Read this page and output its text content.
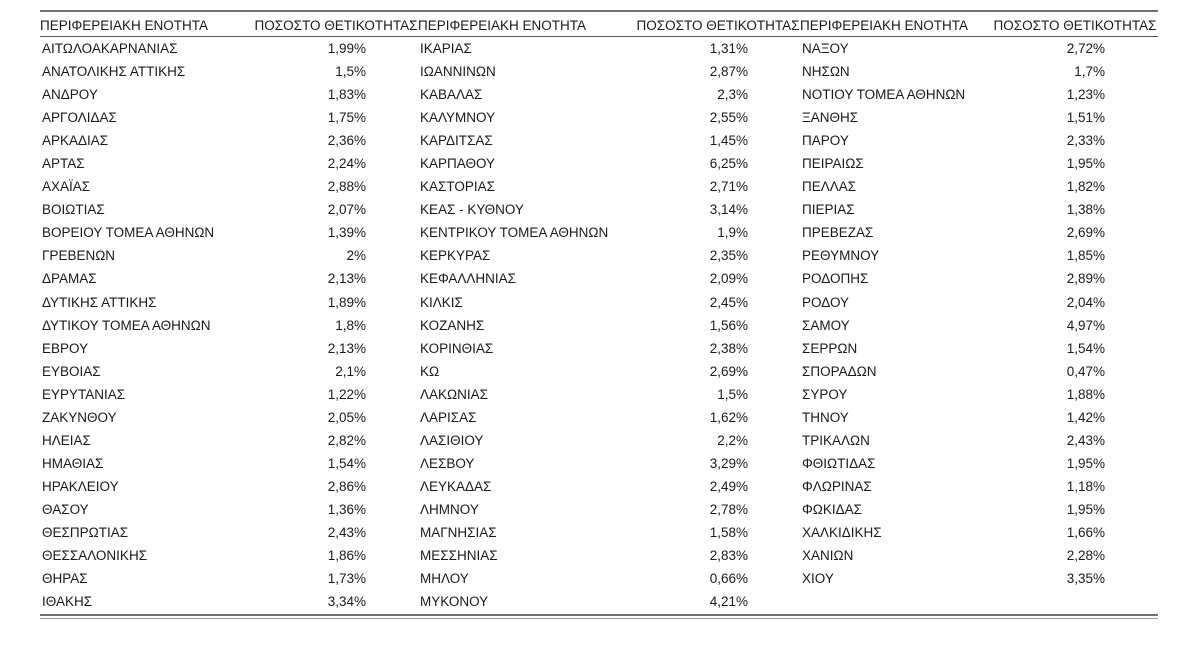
ΠΕΡΙΦΕΡΕΙΑΚΗ ΕΝΟΤΗΤΑ	ΠΟΣΟΣΤΟ ΘΕΤΙΚΟΤΗΤΑΣ	ΠΕΡΙΦΕΡΕΙΑΚΗ ΕΝΟΤΗΤΑ	ΠΟΣΟΣΤΟ ΘΕΤΙΚΟΤΗΤΑΣ	ΠΕΡΙΦΕΡΕΙΑΚΗ ΕΝΟΤΗΤΑ	ΠΟΣΟΣΤΟ ΘΕΤΙΚΟΤΗΤΑΣ
ΑΙΤΩΛΟΑΚΑΡΝΑΝΙΑΣ	1,99%	ΙΚΑΡΙΑΣ	1,31%	ΝΑΞΟΥ	2,72%
ΑΝΑΤΟΛΙΚΗΣ ΑΤΤΙΚΗΣ	1,5%	ΙΩΑΝΝΙΝΩΝ	2,87%	ΝΗΣΩΝ	1,7%
ΑΝΔΡΟΥ	1,83%	ΚΑΒΑΛΑΣ	2,3%	ΝΟΤΙΟΥ ΤΟΜΕΑ ΑΘΗΝΩΝ	1,23%
ΑΡΓΟΛΙΔΑΣ	1,75%	ΚΑΛΥΜΝΟΥ	2,55%	ΞΑΝΘΗΣ	1,51%
ΑΡΚΑΔΙΑΣ	2,36%	ΚΑΡΔΙΤΣΑΣ	1,45%	ΠΑΡΟΥ	2,33%
ΑΡΤΑΣ	2,24%	ΚΑΡΠΑΘΟΥ	6,25%	ΠΕΙΡΑΙΩΣ	1,95%
ΑΧΑΪΑΣ	2,88%	ΚΑΣΤΟΡΙΑΣ	2,71%	ΠΕΛΛΑΣ	1,82%
ΒΟΙΩΤΙΑΣ	2,07%	ΚΕΑΣ - ΚΥΘΝΟΥ	3,14%	ΠΙΕΡΙΑΣ	1,38%
ΒΟΡΕΙΟΥ ΤΟΜΕΑ ΑΘΗΝΩΝ	1,39%	ΚΕΝΤΡΙΚΟΥ ΤΟΜΕΑ ΑΘΗΝΩΝ	1,9%	ΠΡΕΒΕΖΑΣ	2,69%
ΓΡΕΒΕΝΩΝ	2%	ΚΕΡΚΥΡΑΣ	2,35%	ΡΕΘΥΜΝΟΥ	1,85%
ΔΡΑΜΑΣ	2,13%	ΚΕΦΑΛΛΗΝΙΑΣ	2,09%	ΡΟΔΟΠΗΣ	2,89%
ΔΥΤΙΚΗΣ ΑΤΤΙΚΗΣ	1,89%	ΚΙΛΚΙΣ	2,45%	ΡΟΔΟΥ	2,04%
ΔΥΤΙΚΟΥ ΤΟΜΕΑ ΑΘΗΝΩΝ	1,8%	ΚΟΖΑΝΗΣ	1,56%	ΣΑΜΟΥ	4,97%
ΕΒΡΟΥ	2,13%	ΚΟΡΙΝΘΙΑΣ	2,38%	ΣΕΡΡΩΝ	1,54%
ΕΥΒΟΙΑΣ	2,1%	ΚΩ	2,69%	ΣΠΟΡΑΔΩΝ	0,47%
ΕΥΡΥΤΑΝΙΑΣ	1,22%	ΛΑΚΩΝΙΑΣ	1,5%	ΣΥΡΟΥ	1,88%
ΖΑΚΥΝΘΟΥ	2,05%	ΛΑΡΙΣΑΣ	1,62%	ΤΗΝΟΥ	1,42%
ΗΛΕΙΑΣ	2,82%	ΛΑΣΙΘΙΟΥ	2,2%	ΤΡΙΚΑΛΩΝ	2,43%
ΗΜΑΘΙΑΣ	1,54%	ΛΕΣΒΟΥ	3,29%	ΦΘΙΩΤΙΔΑΣ	1,95%
ΗΡΑΚΛΕΙΟΥ	2,86%	ΛΕΥΚΑΔΑΣ	2,49%	ΦΛΩΡΙΝΑΣ	1,18%
ΘΑΣΟΥ	1,36%	ΛΗΜΝΟΥ	2,78%	ΦΩΚΙΔΑΣ	1,95%
ΘΕΣΠΡΩΤΙΑΣ	2,43%	ΜΑΓΝΗΣΙΑΣ	1,58%	ΧΑΛΚΙΔΙΚΗΣ	1,66%
ΘΕΣΣΑΛΟΝΙΚΗΣ	1,86%	ΜΕΣΣΗΝΙΑΣ	2,83%	ΧΑΝΙΩΝ	2,28%
ΘΗΡΑΣ	1,73%	ΜΗΛΟΥ	0,66%	ΧΙΟΥ	3,35%
ΙΘΑΚΗΣ	3,34%	ΜΥΚΟΝΟΥ	4,21%		
